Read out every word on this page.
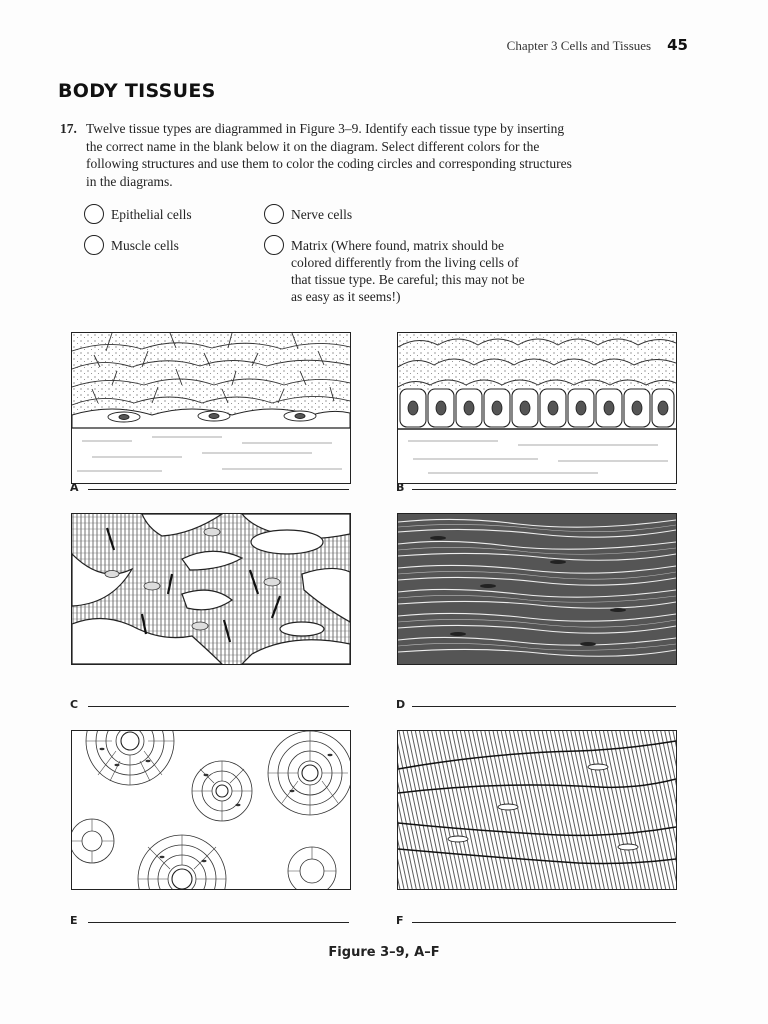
Chapter 3 Cells and Tissues 45
BODY TISSUES
17. Twelve tissue types are diagrammed in Figure 3–9. Identify each tissue type by inserting the correct name in the blank below it on the diagram. Select different colors for the following structures and use them to color the coding circles and corresponding structures in the diagrams.
Epithelial cells	Nerve cells
Muscle cells	Matrix (Where found, matrix should be colored differently from the living cells of that tissue type. Be careful; this may not be as easy as it seems!)
A	B
C	D
E	F
Figure 3–9, A–F
